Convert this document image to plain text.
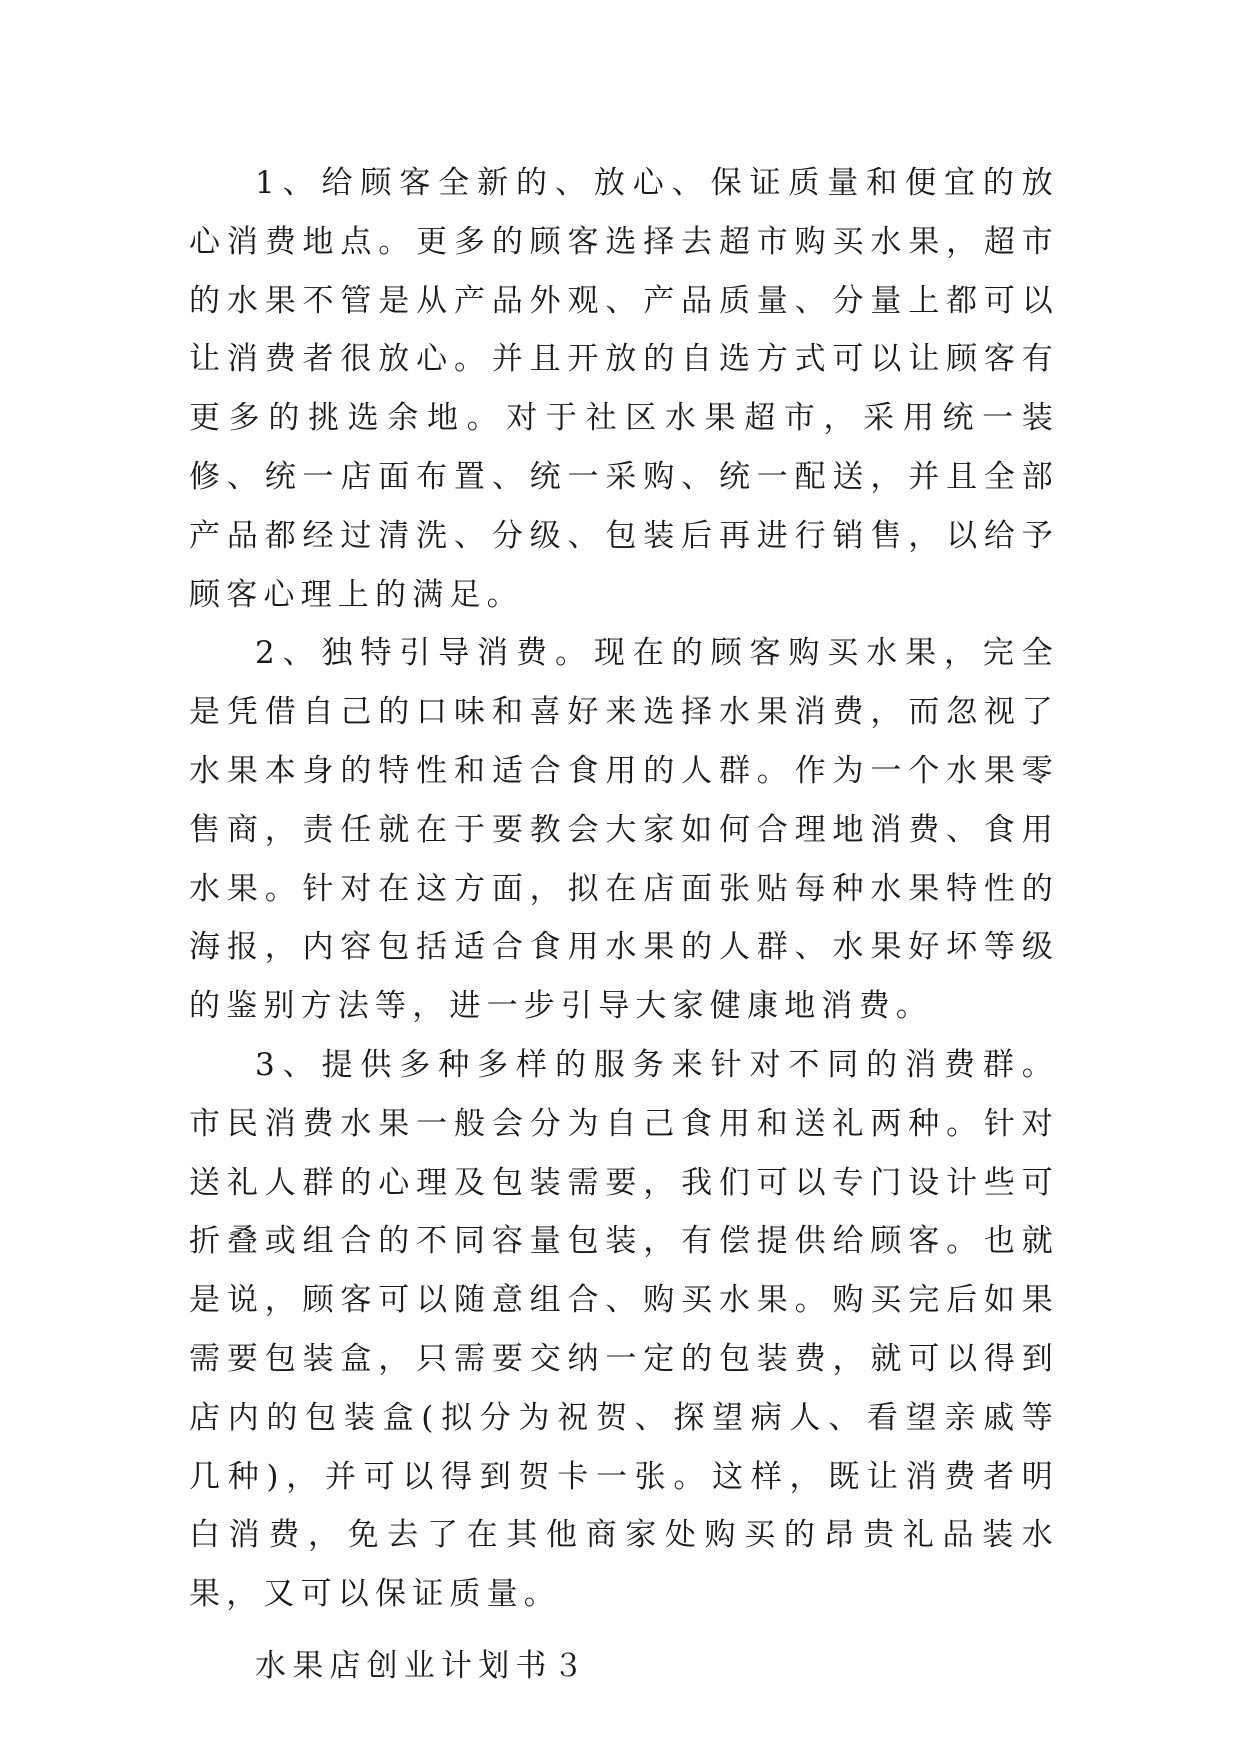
1、给顾客全新的、放心、保证质量和便宜的放心消费地点。更多的顾客选择去超市购买水果，超市的水果不管是从产品外观、产品质量、分量上都可以让消费者很放心。并且开放的自选方式可以让顾客有更多的挑选余地。对于社区水果超市，采用统一装修、统一店面布置、统一采购、统一配送，并且全部产品都经过清洗、分级、包装后再进行销售，以给予顾客心理上的满足。

2、独特引导消费。现在的顾客购买水果，完全是凭借自己的口味和喜好来选择水果消费，而忽视了水果本身的特性和适合食用的人群。作为一个水果零售商，责任就在于要教会大家如何合理地消费、食用水果。针对在这方面，拟在店面张贴每种水果特性的海报，内容包括适合食用水果的人群、水果好坏等级的鉴别方法等，进一步引导大家健康地消费。

3、提供多种多样的服务来针对不同的消费群。市民消费水果一般会分为自己食用和送礼两种。针对送礼人群的心理及包装需要，我们可以专门设计些可折叠或组合的不同容量包装，有偿提供给顾客。也就是说，顾客可以随意组合、购买水果。购买完后如果需要包装盒，只需要交纳一定的包装费，就可以得到店内的包装盒(拟分为祝贺、探望病人、看望亲戚等几种)，并可以得到贺卡一张。这样，既让消费者明白消费，免去了在其他商家处购买的昂贵礼品装水果，又可以保证质量。

水果店创业计划书３
